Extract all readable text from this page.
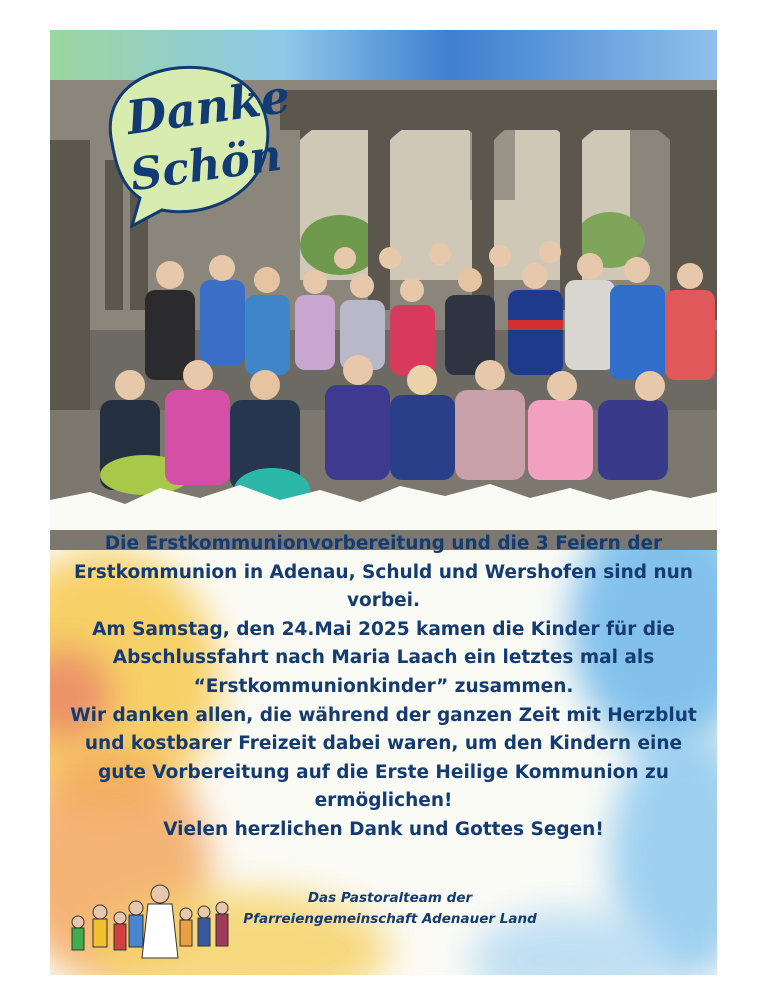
Danke
Schön

Die Erstkommunionvorbereitung und die 3 Feiern der

Erstkommunion in Adenau, Schuld und Wershofen sind nun

vorbei.

Am Samstag, den 24.Mai 2025 kamen die Kinder für die

Abschlussfahrt nach Maria Laach ein letztes mal als

“Erstkommunionkinder” zusammen.

Wir danken allen, die während der ganzen Zeit mit Herzblut

und kostbarer Freizeit dabei waren, um den Kindern eine

gute Vorbereitung auf die Erste Heilige Kommunion zu

ermöglichen!

Vielen herzlichen Dank und Gottes Segen!

Das Pastoralteam der

Pfarreiengemeinschaft Adenauer Land
